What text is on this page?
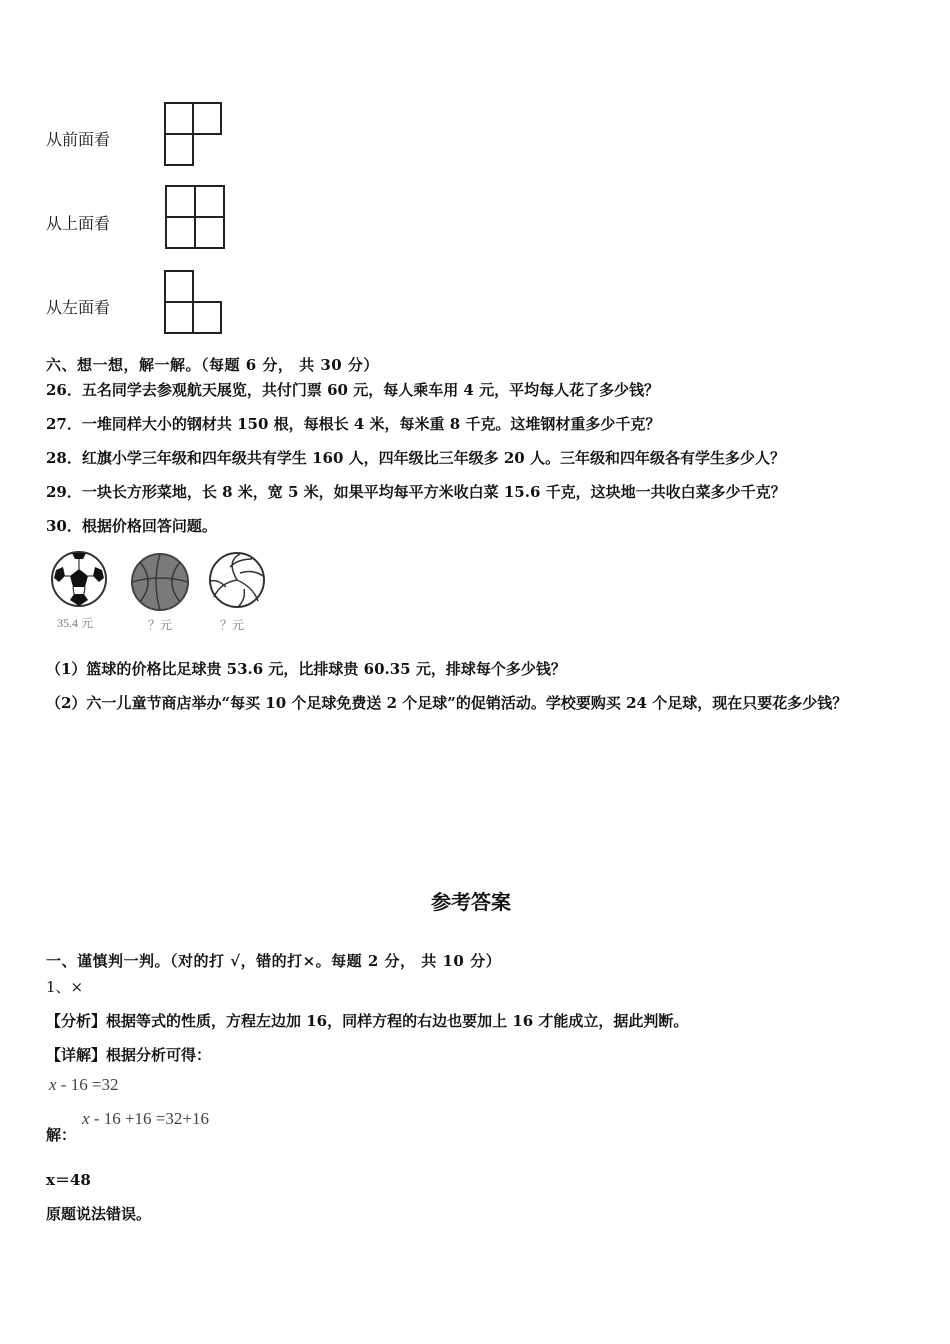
从前面看
从上面看
从左面看
六、想一想，解一解。（每题 6 分， 共 30 分）
26．五名同学去参观航天展览，共付门票 60 元，每人乘车用 4 元，平均每人花了多少钱？
27．一堆同样大小的钢材共 150 根，每根长 4 米，每米重 8 千克。这堆钢材重多少千克？
28．红旗小学三年级和四年级共有学生 160 人，四年级比三年级多 20 人。三年级和四年级各有学生多少人？
29．一块长方形菜地，长 8 米，宽 5 米，如果平均每平方米收白菜 15.6 千克，这块地一共收白菜多少千克？
30．根据价格回答问题。
35.4 元	？元	？元
（1）篮球的价格比足球贵 53.6 元，比排球贵 60.35 元，排球每个多少钱？
（2）六一儿童节商店举办“每买 10 个足球免费送 2 个足球”的促销活动。学校要购买 24 个足球，现在只要花多少钱？
参考答案
一、谨慎判一判。（对的打 √，错的打×。每题 2 分， 共 10 分）
1、×
【分析】根据等式的性质，方程左边加 16，同样方程的右边也要加上 16 才能成立，据此判断。
【详解】根据分析可得：
x - 16 =32
解：
x - 16 +16 =32+16
x＝48
原题说法错误。
